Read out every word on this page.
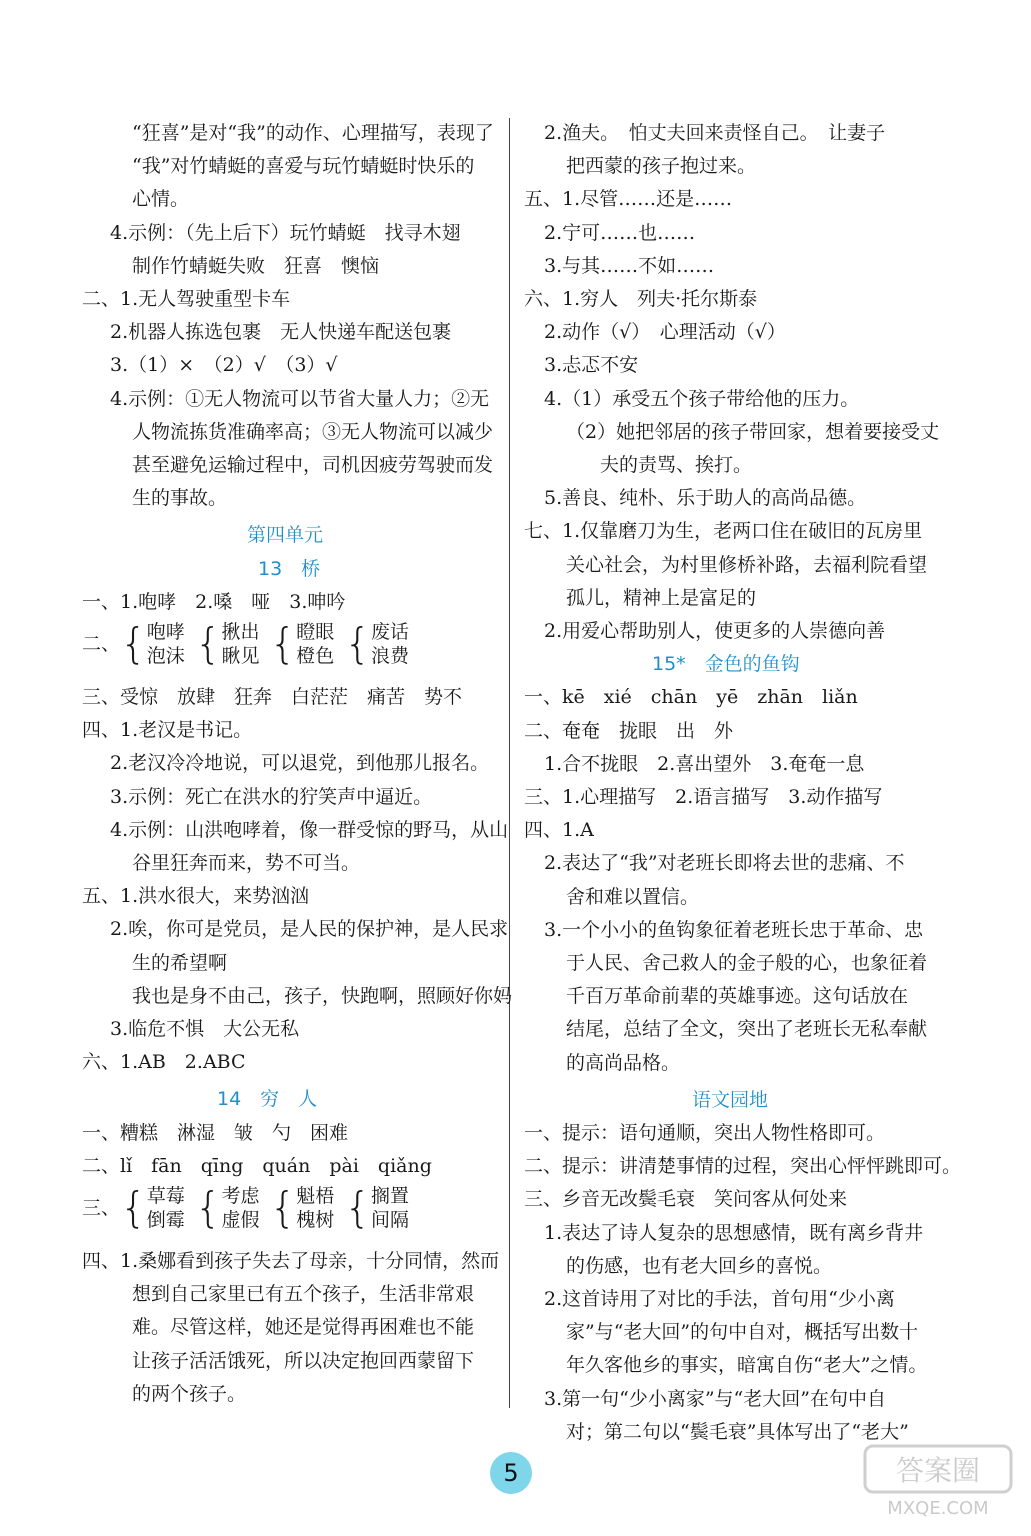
“狂喜”是对“我”的动作、心理描写，表现了
“我”对竹蜻蜓的喜爱与玩竹蜻蜓时快乐的
心情。
4.示例：（先上后下）玩竹蜻蜓　找寻木翅
制作竹蜻蜓失败　狂喜　懊恼
二、1.无人驾驶重型卡车
2.机器人拣选包裹　无人快递车配送包裹
3.（1）×　（2）√　（3）√
4.示例：①无人物流可以节省大量人力；②无
人物流拣货准确率高；③无人物流可以减少
甚至避免运输过程中，司机因疲劳驾驶而发
生的事故。
第四单元
13　桥
一、1.咆哮　2.嗓　哑　3.呻吟
二、{ 咆哮
泡沫 { 揪出
瞅见 { 瞪眼
橙色 { 废话
浪费
三、受惊　放肆　狂奔　白茫茫　痛苦　势不
四、1.老汉是书记。
2.老汉冷冷地说，可以退党，到他那儿报名。
3.示例：死亡在洪水的狞笑声中逼近。
4.示例：山洪咆哮着，像一群受惊的野马，从山
谷里狂奔而来，势不可当。
五、1.洪水很大，来势汹汹
2.唉，你可是党员，是人民的保护神，是人民求
生的希望啊
我也是身不由己，孩子，快跑啊，照顾好你妈
3.临危不惧　大公无私
六、1.AB　2.ABC
14　穷　人
一、糟糕　淋湿　皱　勺　困难
二、lǐ　fān　qīng　quán　pài　qiǎng
三、{ 草莓
倒霉 { 考虑
虚假 { 魁梧
槐树 { 搁置
间隔
四、1.桑娜看到孩子失去了母亲，十分同情，然而
想到自己家里已有五个孩子，生活非常艰
难。尽管这样，她还是觉得再困难也不能
让孩子活活饿死，所以决定抱回西蒙留下
的两个孩子。
2.渔夫。　怕丈夫回来责怪自己。　让妻子
把西蒙的孩子抱过来。
五、1.尽管……还是……
2.宁可……也……
3.与其……不如……
六、1.穷人　列夫·托尔斯泰
2.动作（√）　心理活动（√）
3.忐忑不安
4.（1）承受五个孩子带给他的压力。
（2）她把邻居的孩子带回家，想着要接受丈
夫的责骂、挨打。
5.善良、纯朴、乐于助人的高尚品德。
七、1.仅靠磨刀为生，老两口住在破旧的瓦房里
关心社会，为村里修桥补路，去福利院看望
孤儿，精神上是富足的
2.用爱心帮助别人，使更多的人崇德向善
15*　金色的鱼钩
一、kē　xié　chān　yē　zhān　liǎn
二、奄奄　拢眼　出　外
1.合不拢眼　2.喜出望外　3.奄奄一息
三、1.心理描写　2.语言描写　3.动作描写
四、1.A
2.表达了“我”对老班长即将去世的悲痛、不
舍和难以置信。
3.一个小小的鱼钩象征着老班长忠于革命、忠
于人民、舍己救人的金子般的心，也象征着
千百万革命前辈的英雄事迹。这句话放在
结尾，总结了全文，突出了老班长无私奉献
的高尚品格。
语文园地
一、提示：语句通顺，突出人物性格即可。
二、提示：讲清楚事情的过程，突出心怦怦跳即可。
三、乡音无改鬓毛衰　笑问客从何处来
1.表达了诗人复杂的思想感情，既有离乡背井
的伤感，也有老大回乡的喜悦。
2.这首诗用了对比的手法，首句用“少小离
家”与“老大回”的句中自对，概括写出数十
年久客他乡的事实，暗寓自伤“老大”之情。
3.第一句“少小离家”与“老大回”在句中自
对；第二句以“鬓毛衰”具体写出了“老大”
5	答案圈
MXQE.COM
